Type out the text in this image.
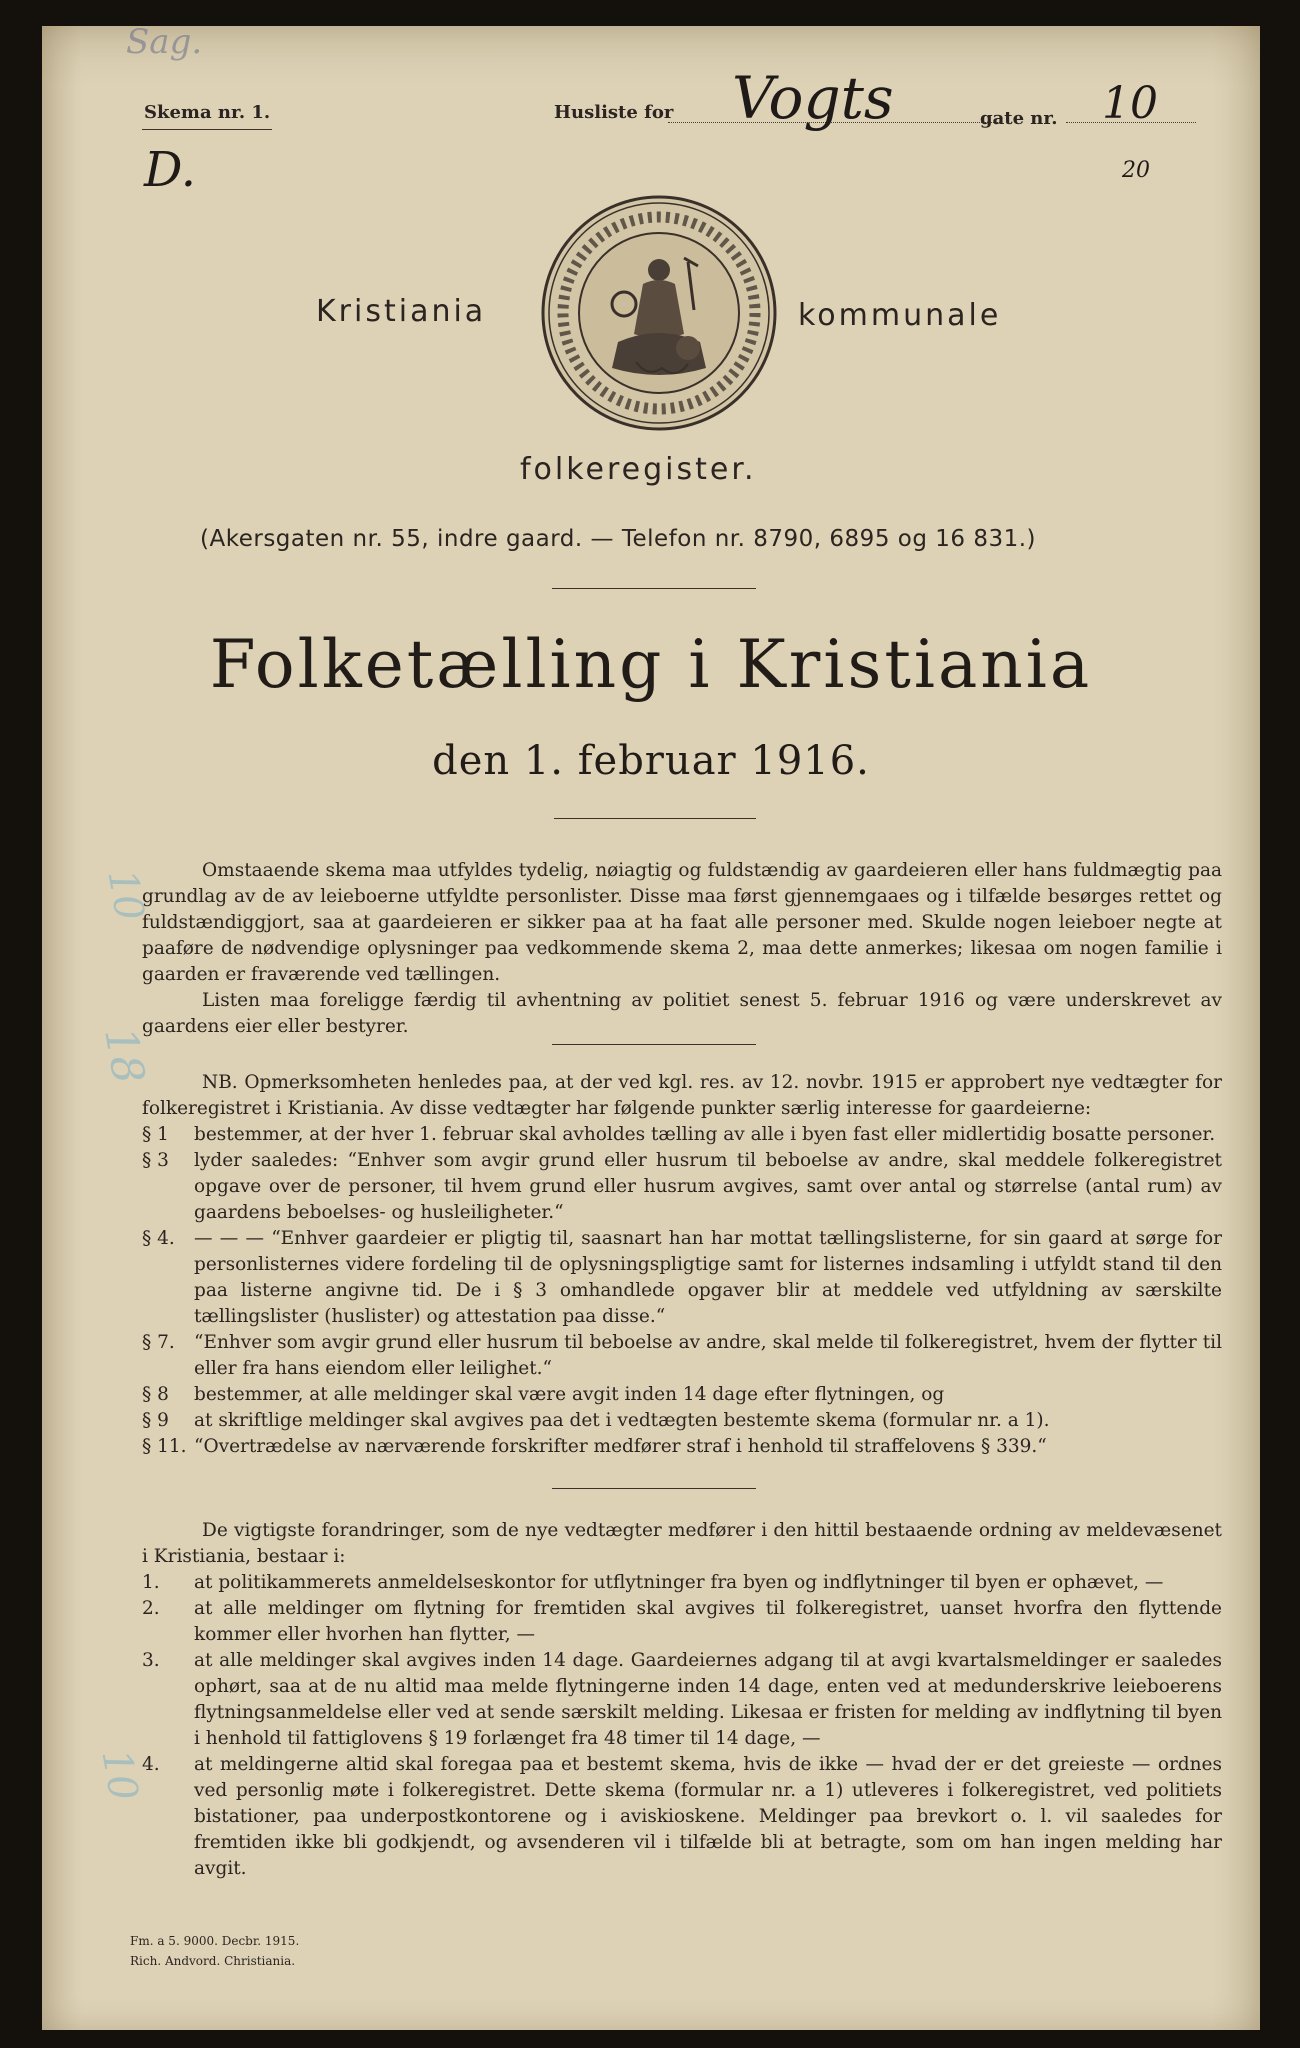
Sag.
Skema nr. 1.	Husliste for Vogts	gate nr. 10
D.	20
Kristiania	kommunale
folkeregister.
(Akersgaten nr. 55, indre gaard. — Telefon nr. 8790, 6895 og 16 831.)
Folketælling i Kristiania
den 1. februar 1916.
Omstaaende skema maa utfyldes tydelig, nøiagtig og fuldstændig av gaardeieren eller hans fuldmægtig paa grundlag av de av leieboerne utfyldte personlister. Disse maa først gjennemgaaes og i tilfælde besørges rettet og fuldstændiggjort, saa at gaardeieren er sikker paa at ha faat alle personer med. Skulde nogen leieboer negte at paaføre de nødvendige oplysninger paa vedkommende skema 2, maa dette anmerkes; likesaa om nogen familie i gaarden er fraværende ved tællingen.
Listen maa foreligge færdig til avhentning av politiet senest 5. februar 1916 og være underskrevet av gaardens eier eller bestyrer.
NB. Opmerksomheten henledes paa, at der ved kgl. res. av 12. novbr. 1915 er approbert nye vedtægter for folkeregistret i Kristiania. Av disse vedtægter har følgende punkter særlig interesse for gaardeierne:
§ 1	bestemmer, at der hver 1. februar skal avholdes tælling av alle i byen fast eller midlertidig bosatte personer.
§ 3	lyder saaledes: “Enhver som avgir grund eller husrum til beboelse av andre, skal meddele folkeregistret opgave over de personer, til hvem grund eller husrum avgives, samt over antal og størrelse (antal rum) av gaardens beboelses- og husleiligheter.“
§ 4.	— — — “Enhver gaardeier er pligtig til, saasnart han har mottat tællingslisterne, for sin gaard at sørge for personlisternes videre fordeling til de oplysningspligtige samt for listernes indsamling i utfyldt stand til den paa listerne angivne tid. De i § 3 omhandlede opgaver blir at meddele ved utfyldning av særskilte tællingslister (huslister) og attestation paa disse.“
§ 7.	“Enhver som avgir grund eller husrum til beboelse av andre, skal melde til folkeregistret, hvem der flytter til eller fra hans eiendom eller leilighet.“
§ 8	bestemmer, at alle meldinger skal være avgit inden 14 dage efter flytningen, og
§ 9	at skriftlige meldinger skal avgives paa det i vedtægten bestemte skema (formular nr. a 1).
§ 11. “Overtrædelse av nærværende forskrifter medfører straf i henhold til straffelovens § 339.“
De vigtigste forandringer, som de nye vedtægter medfører i den hittil bestaaende ordning av meldevæsenet i Kristiania, bestaar i:
1.	at politikammerets anmeldelseskontor for utflytninger fra byen og indflytninger til byen er ophævet, —
2.	at alle meldinger om flytning for fremtiden skal avgives til folkeregistret, uanset hvorfra den flyttende kommer eller hvorhen han flytter, —
3.	at alle meldinger skal avgives inden 14 dage. Gaardeiernes adgang til at avgi kvartalsmeldinger er saaledes ophørt, saa at de nu altid maa melde flytningerne inden 14 dage, enten ved at medunderskrive leieboerens flytningsanmeldelse eller ved at sende særskilt melding. Likesaa er fristen for melding av indflytning til byen i henhold til fattiglovens § 19 forlænget fra 48 timer til 14 dage, —
4.	at meldingerne altid skal foregaa paa et bestemt skema, hvis de ikke — hvad der er det greieste — ordnes ved personlig møte i folkeregistret. Dette skema (formular nr. a 1) utleveres i folkeregistret, ved politiets bistationer, paa underpostkontorene og i aviskioskene. Meldinger paa brevkort o. l. vil saaledes for fremtiden ikke bli godkjendt, og avsenderen vil i tilfælde bli at betragte, som om han ingen melding har avgit.
Fm. a 5. 9000. Decbr. 1915.
Rich. Andvord. Christiania.
10
18
10
